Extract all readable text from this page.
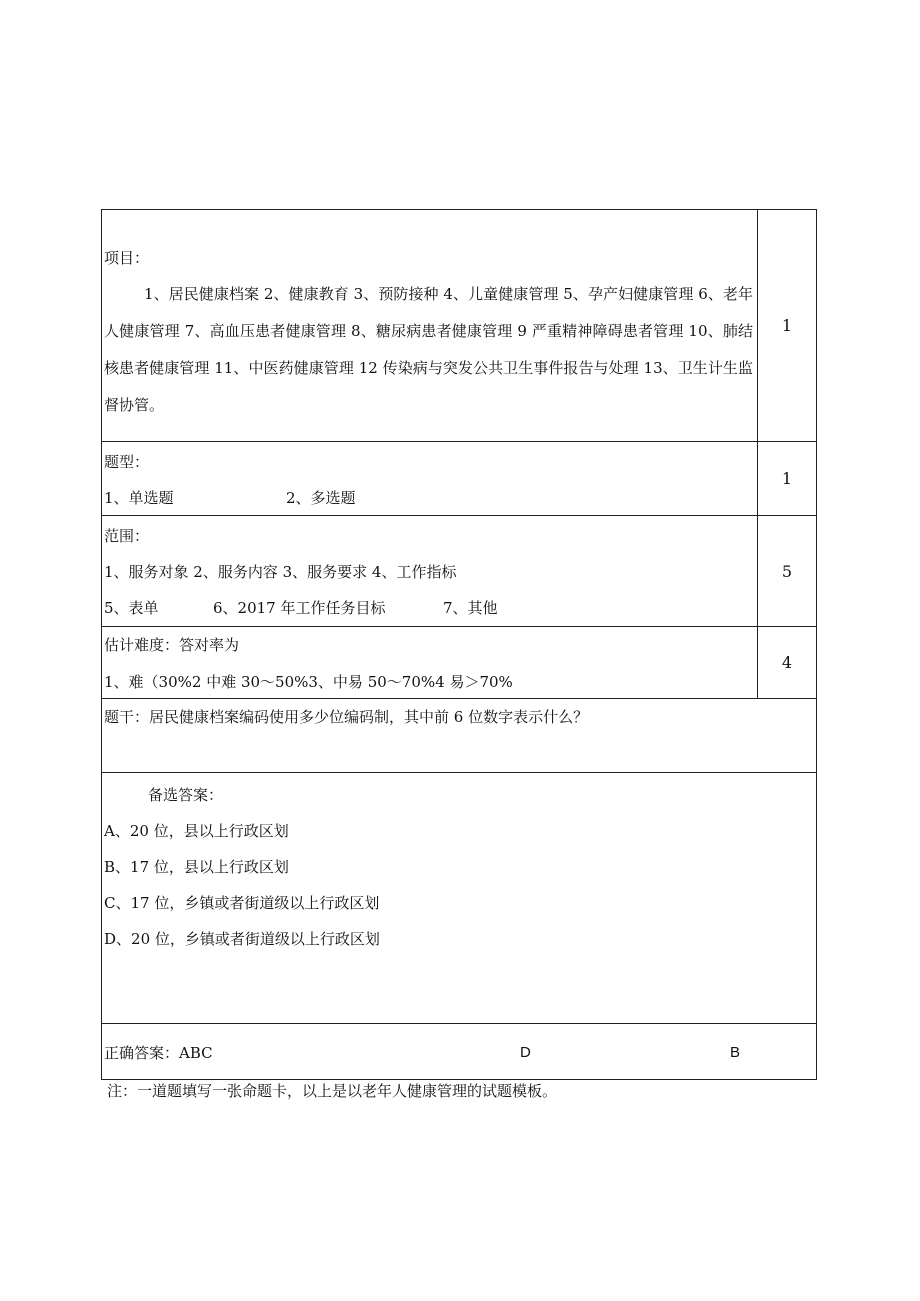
项目：
1、居民健康档案 2、健康教育 3、预防接种 4、儿童健康管理 5、孕产妇健康管理 6、老年人健康管理 7、高血压患者健康管理 8、糖尿病患者健康管理 9 严重精神障碍患者管理 10、肺结核患者健康管理 11、中医药健康管理 12 传染病与突发公共卫生事件报告与处理 13、卫生计生监督协管。
1
题型：
1、单选题	2、多选题
1
范围：
1、服务对象 2、服务内容 3、服务要求 4、工作指标
5、表单	6、2017 年工作任务目标	7、其他
5
估计难度：答对率为
1、难（30%2 中难 30～50%3、中易 50～70%4 易＞70%
4
题干：居民健康档案编码使用多少位编码制，其中前 6 位数字表示什么？
备选答案：
A、20 位，县以上行政区划
B、17 位，县以上行政区划
C、17 位，乡镇或者街道级以上行政区划
D、20 位，乡镇或者街道级以上行政区划
正确答案：ABC	D	B
注：一道题填写一张命题卡，以上是以老年人健康管理的试题模板。
